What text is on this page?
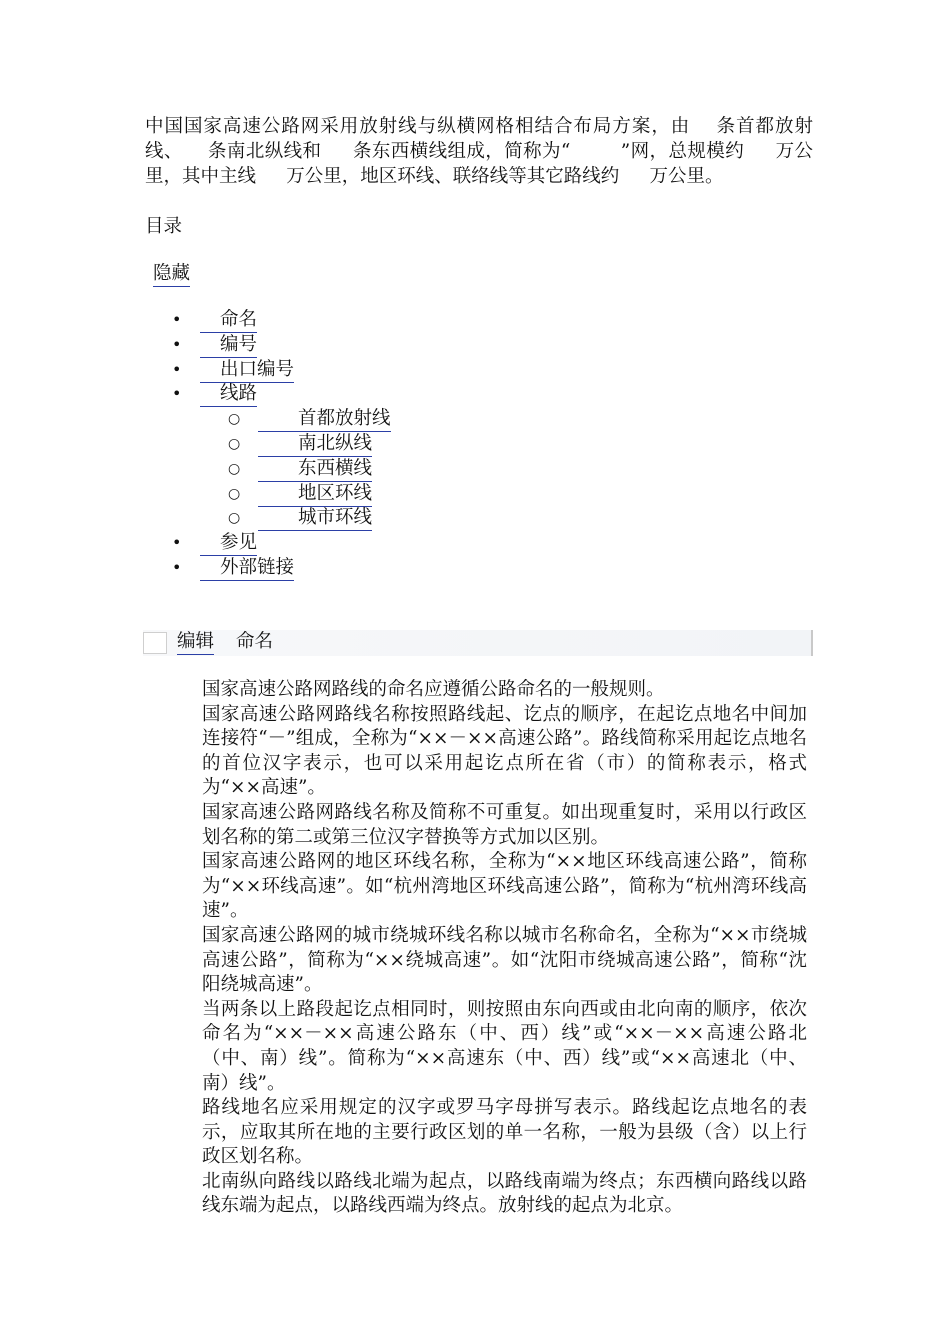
中国国家高速公路网采用放射线与纵横网格相结合布局方案，由 　条首都放射线、 　条南北纵线和 　 条东西横线组成，简称为“ 　　 ”网，总规模约 　 万公里，其中主线 　 万公里，地区环线、联络线等其它路线约 　 万公里。
目录
隐藏
•	命名
•	编号
•	出口编号
•	线路
○	首都放射线
○	南北纵线
○	东西横线
○	地区环线
○	城市环线
•	参见
•	外部链接
编辑 命名

国家高速公路网路线的命名应遵循公路命名的一般规则。

国家高速公路网路线名称按照路线起、讫点的顺序，在起讫点地名中间加连接符“－”组成，全称为“××－××高速公路”。路线简称采用起讫点地名的首位汉字表示，也可以采用起讫点所在省（市）的简称表示，格式为“××高速”。

国家高速公路网路线名称及简称不可重复。如出现重复时，采用以行政区划名称的第二或第三位汉字替换等方式加以区别。

国家高速公路网的地区环线名称，全称为“××地区环线高速公路”，简称为“××环线高速”。如“杭州湾地区环线高速公路”，简称为“杭州湾环线高速”。

国家高速公路网的城市绕城环线名称以城市名称命名，全称为“××市绕城高速公路”，简称为“××绕城高速”。如“沈阳市绕城高速公路”，简称“沈阳绕城高速”。

当两条以上路段起讫点相同时，则按照由东向西或由北向南的顺序，依次命名为“××－××高速公路东（中、西）线”或“××－××高速公路北（中、南）线”。简称为“××高速东（中、西）线”或“××高速北（中、南）线”。

路线地名应采用规定的汉字或罗马字母拼写表示。路线起讫点地名的表示，应取其所在地的主要行政区划的单一名称，一般为县级（含）以上行政区划名称。

北南纵向路线以路线北端为起点，以路线南端为终点；东西横向路线以路线东端为起点，以路线西端为终点。放射线的起点为北京。
